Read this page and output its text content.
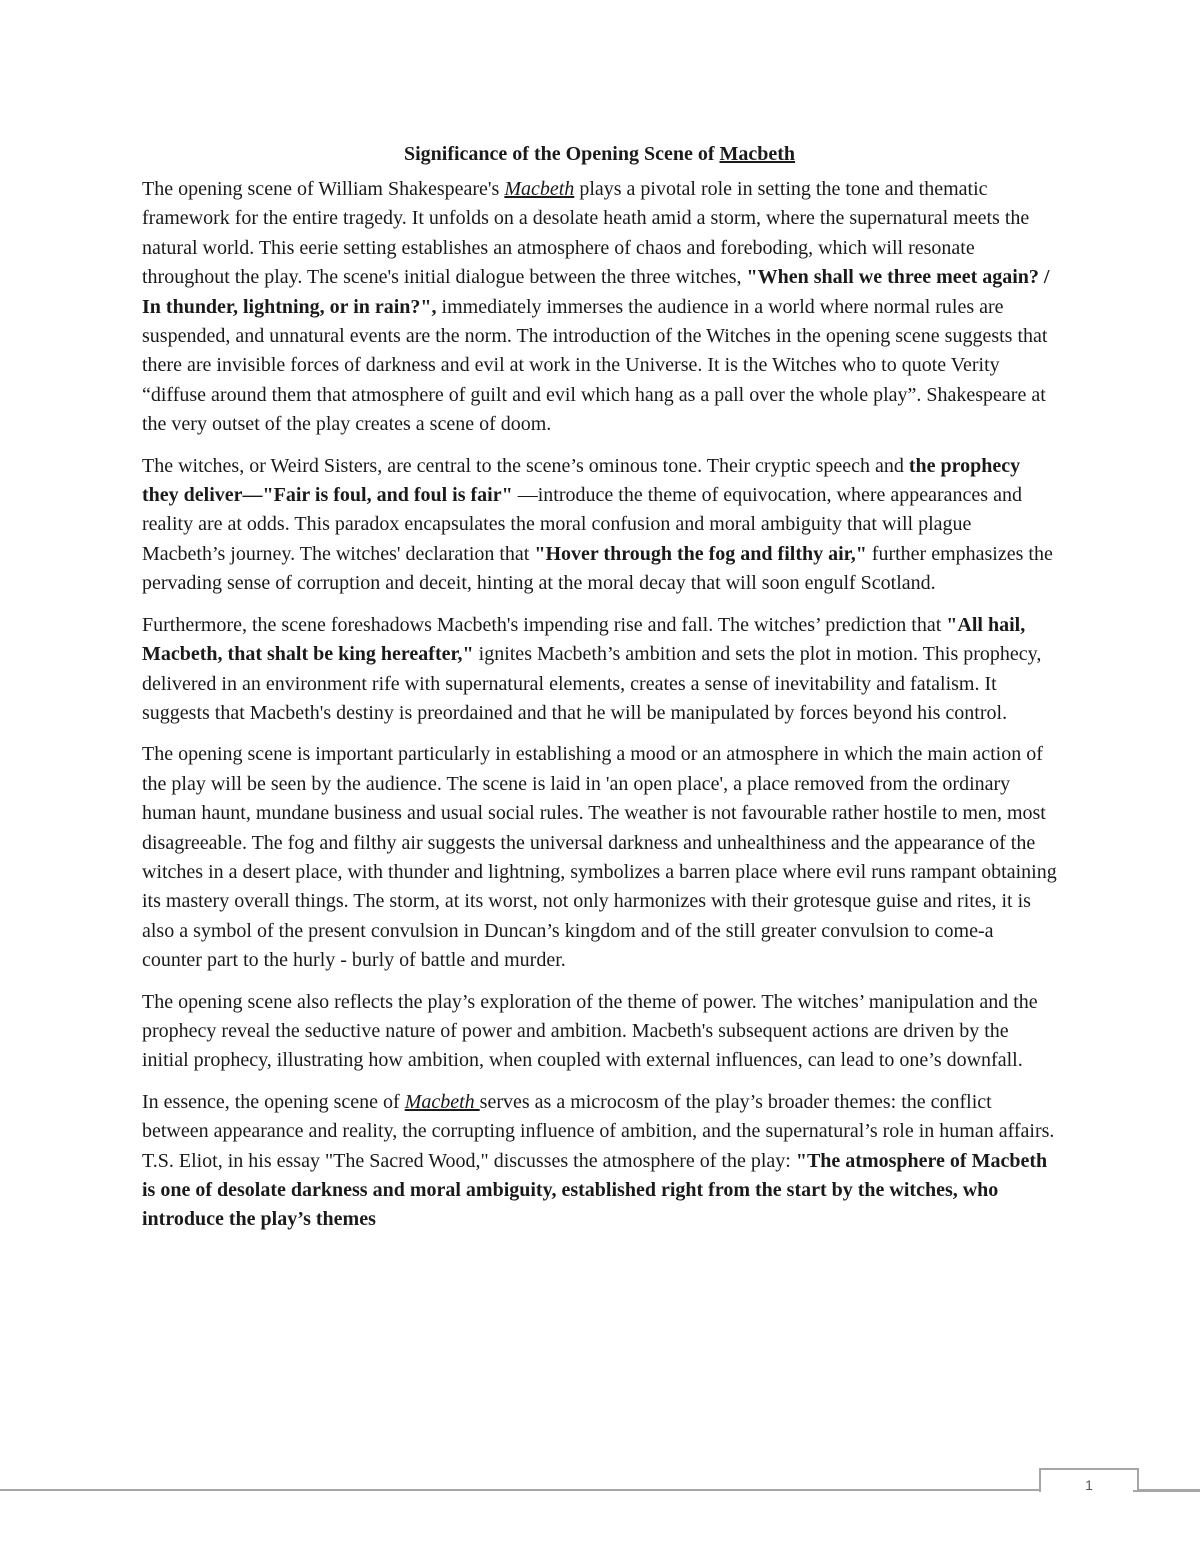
Significance of the Opening Scene of Macbeth

The opening scene of William Shakespeare's Macbeth plays a pivotal role in setting the tone and thematic framework for the entire tragedy. It unfolds on a desolate heath amid a storm, where the supernatural meets the natural world. This eerie setting establishes an atmosphere of chaos and foreboding, which will resonate throughout the play. The scene's initial dialogue between the three witches, "When shall we three meet again? / In thunder, lightning, or in rain?", immediately immerses the audience in a world where normal rules are suspended, and unnatural events are the norm. The introduction of the Witches in the opening scene suggests that there are invisible forces of darkness and evil at work in the Universe. It is the Witches who to quote Verity “diffuse around them that atmosphere of guilt and evil which hang as a pall over the whole play”. Shakespeare at the very outset of the play creates a scene of doom.

The witches, or Weird Sisters, are central to the scene’s ominous tone. Their cryptic speech and the prophecy they deliver—"Fair is foul, and foul is fair" —introduce the theme of equivocation, where appearances and reality are at odds. This paradox encapsulates the moral confusion and moral ambiguity that will plague Macbeth’s journey. The witches' declaration that "Hover through the fog and filthy air," further emphasizes the pervading sense of corruption and deceit, hinting at the moral decay that will soon engulf Scotland.

Furthermore, the scene foreshadows Macbeth's impending rise and fall. The witches’ prediction that "All hail, Macbeth, that shalt be king hereafter," ignites Macbeth’s ambition and sets the plot in motion. This prophecy, delivered in an environment rife with supernatural elements, creates a sense of inevitability and fatalism. It suggests that Macbeth's destiny is preordained and that he will be manipulated by forces beyond his control.

The opening scene is important particularly in establishing a mood or an atmosphere in which the main action of the play will be seen by the audience. The scene is laid in 'an open place', a place removed from the ordinary human haunt, mundane business and usual social rules. The weather is not favourable rather hostile to men, most disagreeable. The fog and filthy air suggests the universal darkness and unhealthiness and the appearance of the witches in a desert place, with thunder and lightning, symbolizes a barren place where evil runs rampant obtaining its mastery overall things. The storm, at its worst, not only harmonizes with their grotesque guise and rites, it is also a symbol of the present convulsion in Duncan’s kingdom and of the still greater convulsion to come-a counter part to the hurly - burly of battle and murder.

The opening scene also reflects the play’s exploration of the theme of power. The witches’ manipulation and the prophecy reveal the seductive nature of power and ambition. Macbeth's subsequent actions are driven by the initial prophecy, illustrating how ambition, when coupled with external influences, can lead to one’s downfall.

In essence, the opening scene of Macbeth serves as a microcosm of the play’s broader themes: the conflict between appearance and reality, the corrupting influence of ambition, and the supernatural’s role in human affairs. T.S. Eliot, in his essay "The Sacred Wood," discusses the atmosphere of the play: "The atmosphere of Macbeth is one of desolate darkness and moral ambiguity, established right from the start by the witches, who introduce the play’s themes

1
